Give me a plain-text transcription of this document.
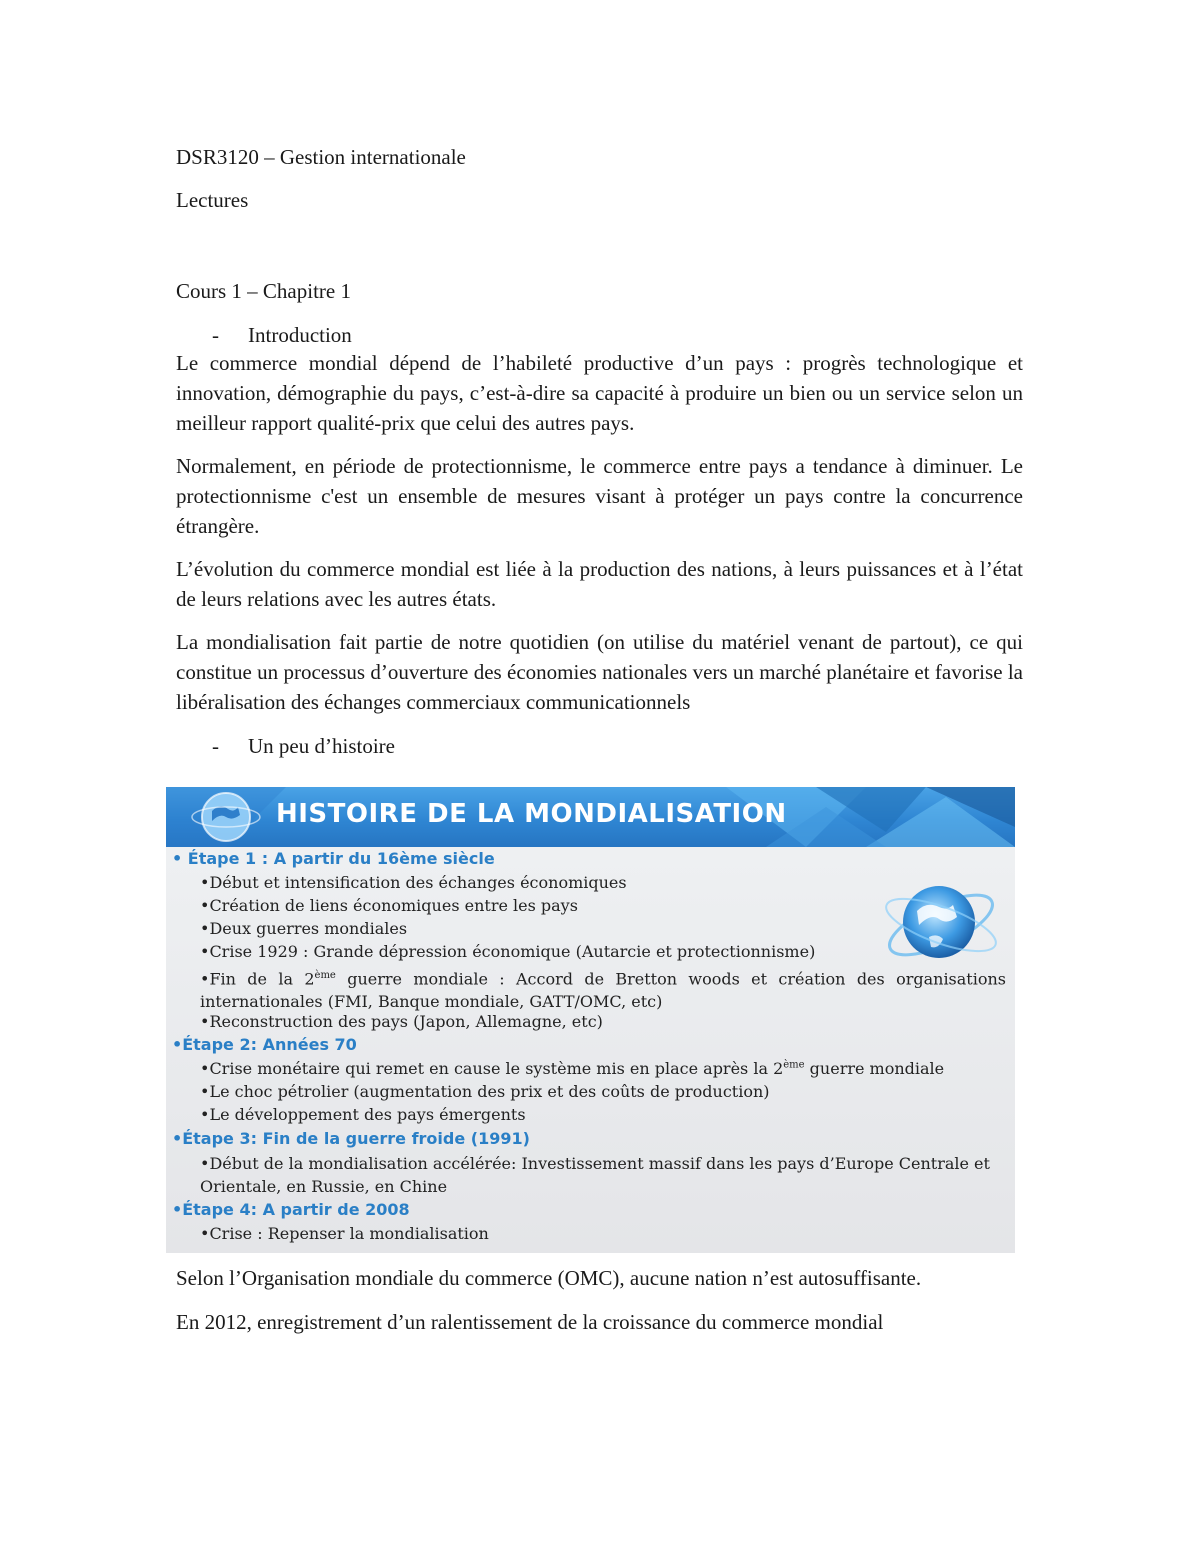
DSR3120 – Gestion internationale
Lectures
Cours 1 – Chapitre 1
- Introduction
Le commerce mondial dépend de l’habileté productive d’un pays : progrès technologique et innovation, démographie du pays, c’est-à-dire sa capacité à produire un bien ou un service selon un meilleur rapport qualité-prix que celui des autres pays.
Normalement, en période de protectionnisme, le commerce entre pays a tendance à diminuer. Le protectionnisme c'est un ensemble de mesures visant à protéger un pays contre la concurrence étrangère.
L’évolution du commerce mondial est liée à la production des nations, à leurs puissances et à l’état de leurs relations avec les autres états.
La mondialisation fait partie de notre quotidien (on utilise du matériel venant de partout), ce qui constitue un processus d’ouverture des économies nationales vers un marché planétaire et favorise la libéralisation des échanges commerciaux communicationnels
- Un peu d’histoire
HISTOIRE DE LA MONDIALISATION
• Étape 1 : A partir du 16ème siècle
•Début et intensification des échanges économiques
•Création de liens économiques entre les pays
•Deux guerres mondiales
•Crise 1929 : Grande dépression économique (Autarcie et protectionnisme)
•Fin de la 2ème guerre mondiale : Accord de Bretton woods et création des organisations internationales (FMI, Banque mondiale, GATT/OMC, etc)
•Reconstruction des pays (Japon, Allemagne, etc)
•Étape 2: Années 70
•Crise monétaire qui remet en cause le système mis en place après la 2ème guerre mondiale
•Le choc pétrolier (augmentation des prix et des coûts de production)
•Le développement des pays émergents
•Étape 3: Fin de la guerre froide (1991)
•Début de la mondialisation accélérée: Investissement massif dans les pays d’Europe Centrale et Orientale, en Russie, en Chine
•Étape 4: A partir de 2008
•Crise : Repenser la mondialisation
Selon l’Organisation mondiale du commerce (OMC), aucune nation n’est autosuffisante.
En 2012, enregistrement d’un ralentissement de la croissance du commerce mondial
